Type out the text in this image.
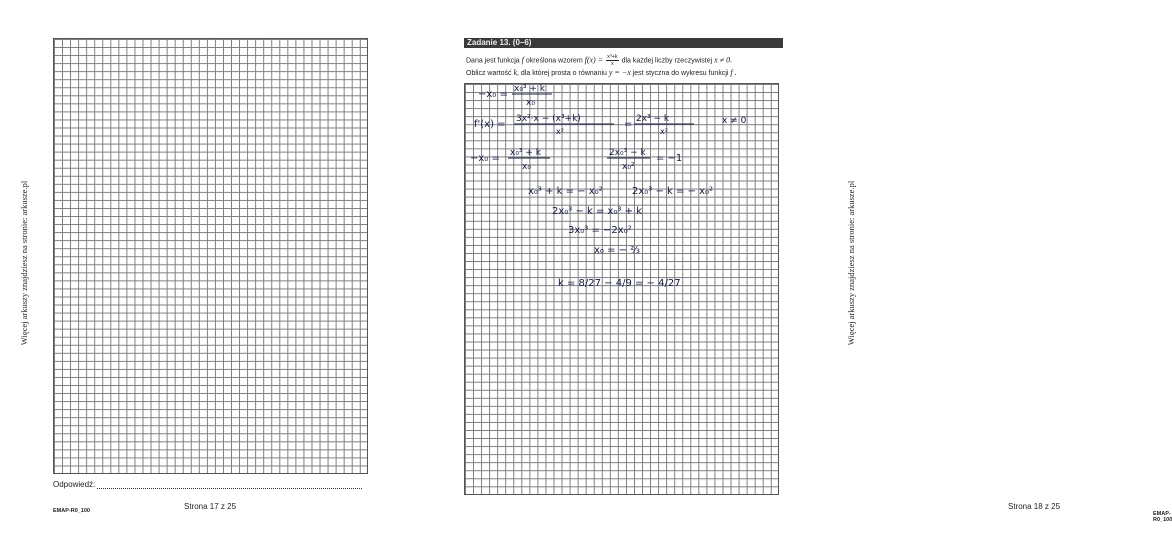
Więcej arkuszy znajdziesz na stronie: arkusze.pl
Odpowiedź:
Strona 17 z 25
EMAP-R0_100
Więcej arkuszy znajdziesz na stronie: arkusze.pl
Strona 18 z 25
EMAP-R0_100
Zadanie 13. (0–6)
Dana jest funkcja f określona wzorem $f(x) = \frac{\text{x³+k}}{x}$ dla każdej liczby rzeczywistej x ≠ 0.
Oblicz wartość k, dla której prosta o równaniu y = −x jest styczna do wykresu funkcji f .
−x₀ = x₀³ + k
x₀
f'(x) = 3x²·x − (x³+k)
x²
= 2x³ − k
x²
x ≠ 0
−x₀ = x₀³ + k
x₀
2x₀³ − k
x₀²
= −1
x₀³ + k = − x₀²	2x₀³ − k = − x₀²
2x₀³ − k = x₀³ + k
3x₀³ = −2x₀²
x₀ = − ⅔
k = 8/27 − 4/9 = − 4/27
